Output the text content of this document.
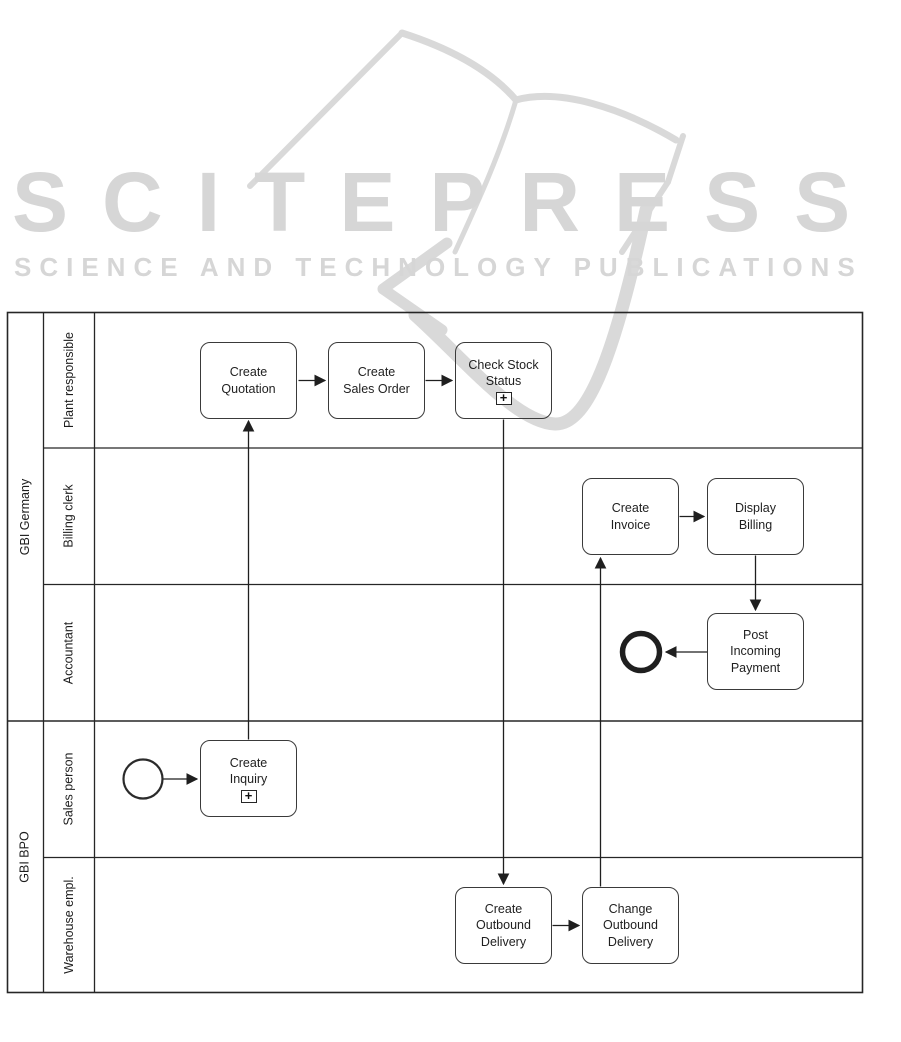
SCITEPRESS
SCIENCE AND TECHNOLOGY PUBLICATIONS
GBI Germany
GBI BPO
Plant responsible
Billing clerk
Accountant
Sales person
Warehouse empl.
Create Quotation
Create Sales Order
Check Stock Status
+
Create Invoice
Display Billing
Post Incoming Payment
Create Inquiry
+
Create Outbound Delivery
Change Outbound Delivery
